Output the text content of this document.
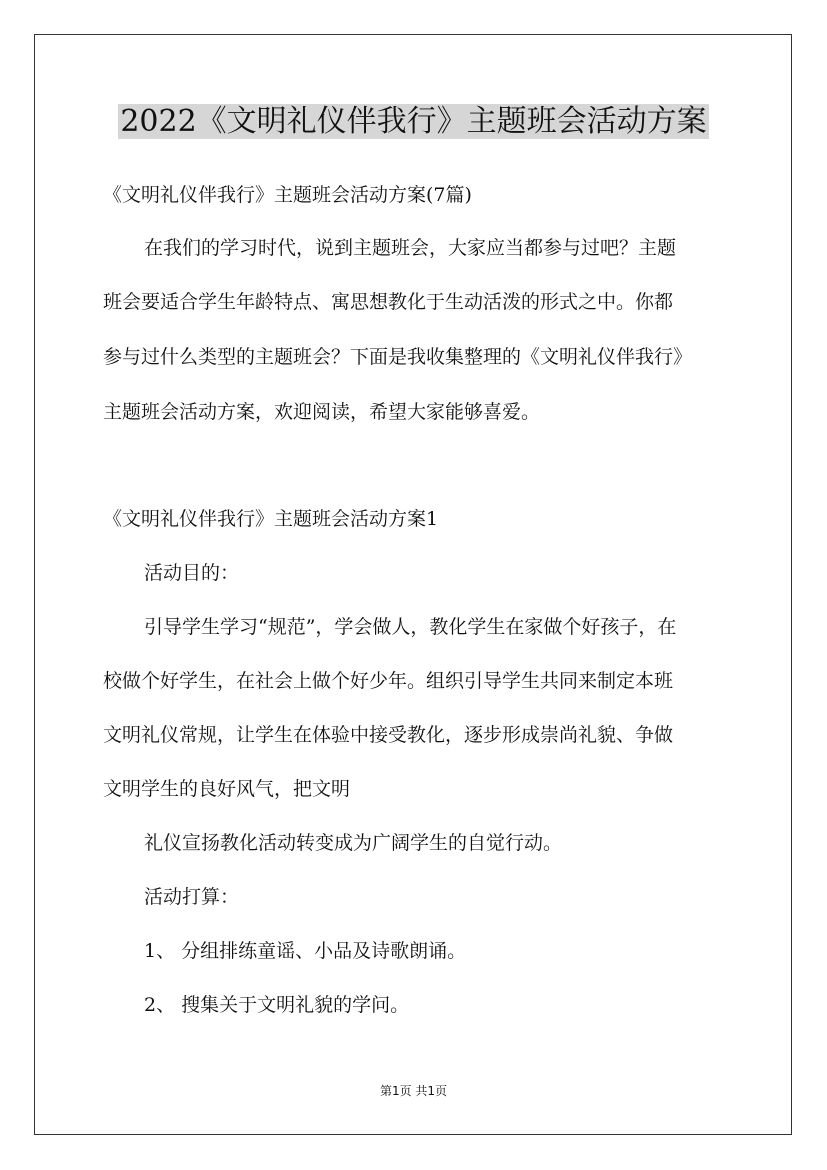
2022《文明礼仪伴我行》主题班会活动方案
《文明礼仪伴我行》主题班会活动方案(7篇)
在我们的学习时代，说到主题班会，大家应当都参与过吧？主题
班会要适合学生年龄特点、寓思想教化于生动活泼的形式之中。你都
参与过什么类型的主题班会？下面是我收集整理的《文明礼仪伴我行》
主题班会活动方案，欢迎阅读，希望大家能够喜爱。
《文明礼仪伴我行》主题班会活动方案1
活动目的：
引导学生学习“规范”，学会做人，教化学生在家做个好孩子，在
校做个好学生，在社会上做个好少年。组织引导学生共同来制定本班
文明礼仪常规，让学生在体验中接受教化，逐步形成崇尚礼貌、争做
文明学生的良好风气，把文明
礼仪宣扬教化活动转变成为广阔学生的自觉行动。
活动打算：
1、 分组排练童谣、小品及诗歌朗诵。
2、 搜集关于文明礼貌的学问。
第1页 共1页
